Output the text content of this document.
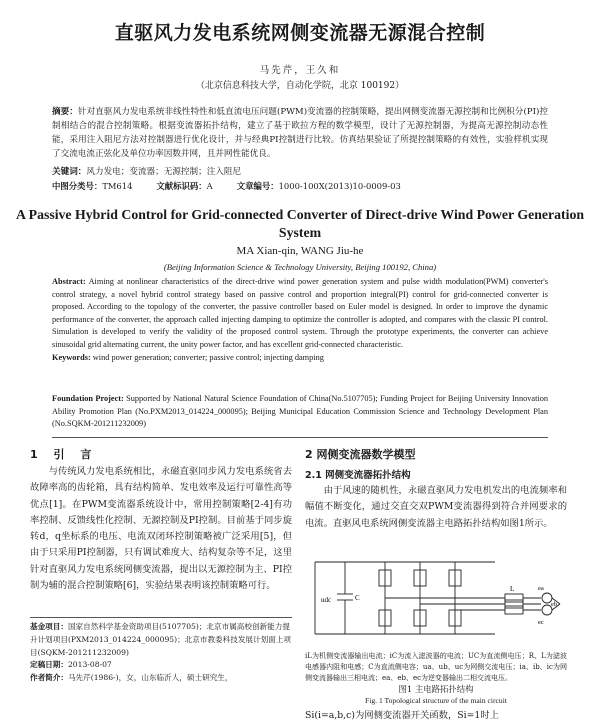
直驱风力发电系统网侧变流器无源混合控制
马先芹，王久和
（北京信息科技大学，自动化学院，北京 100192）
摘要：针对直驱风力发电系统非线性特性和低直流电压问题(PWM)变流器的控制策略，提出网侧变流器无源控制和比例积分(PI)控制相结合的混合控制策略。根据变流器拓扑结构，建立了基于欧拉方程的数学模型，设计了无源控制器，为提高无源控制动态性能，采用注入阻尼方法对控制器进行优化设计，并与经典PI控制进行比较。仿真结果验证了所提控制策略的有效性，实验样机实现了交流电流正弦化及单位功率因数并网，且并网性能优良。
关键词：风力发电；变流器；无源控制；注入阻尼
中图分类号：TM614	文献标识码：A	文章编号：1000-100X(2013)10-0009-03
A Passive Hybrid Control for Grid-connected Converter of Direct-drive Wind Power Generation System
MA Xian-qin, WANG Jiu-he
(Beijing Information Science & Technology University, Beijing 100192, China)
Abstract: Aiming at nonlinear characteristics of the direct-drive wind power generation system and pulse width modulation(PWM) converter's control strategy, a novel hybrid control strategy based on passive control and proportion integral(PI) control for grid-connected converter is proposed. According to the topology of the converter, the passive controller based on Euler model is designed. In order to improve the dynamic performance of the converter, the approach called injecting damping to optimize the controller is adopted, and compares with the classic PI control. Simulation is developed to verify the validity of the proposed control system. Through the prototype experiments, the converter can achieve sinusoidal grid alternating current, the unity power factor, and has excellent grid-connected characteristic.
Keywords: wind power generation; converter; passive control; injecting damping
Foundation Project: Supported by National Natural Science Foundation of China(No.5107705); Funding Project for Beijing University Innovation Ability Promotion Plan (No.PXM2013_014224_000095); Beijing Municipal Education Commission Science and Technology Development Plan (No.SQKM-201211232009)
1 引 言

与传统风力发电系统相比，永磁直驱同步风力发电系统省去故障率高的齿轮箱，具有结构简单、发电效率及运行可靠性高等优点[1]。在PWM变流器系统设计中，常用控制策略[2-4]有功率控制、反馈线性化控制、无源控制及PI控制。目前基于同步旋转d，q坐标系的电压、电流双闭环控制策略被广泛采用[5]，但由于只采用PI控制器，只有调试难度大、结构复杂等不足，这里针对直驱风力发电系统网侧变流器，提出以无源控制为主、PI控制为辅的混合控制策略[6]，实验结果表明该控制策略可行。

基金项目：国家自然科学基金资助项目(5107705)；北京市属高校创新能力提升计划项目(PXM2013_014224_000095)；北京市教委科技发展计划面上项目(SQKM-201211232009)
定稿日期：2013-08-07
作者简介：马先芹(1986-)，女，山东临沂人，硕士研究生，
2 网侧变流器数学模型
2.1 网侧变流器拓扑结构

由于风速的随机性，永磁直驱风力发电机发出的电流频率和幅值不断变化，通过交直交双PWM变流器得到符合并网要求的电流。直驱风电系统网侧变流器主电路拓扑结构如图1所示。

udc	C
L	ea
eb
ec
iL为机侧变流器输出电流；iC为流入滤波器的电流；UC为直流侧电压；R、L为滤波电感器内阻和电感；C为直流侧电容；ua、ub、uc为网侧交流电压；ia、ib、ic为网侧变流器输出三相电流；ea、eb、ec为逆变器输出二相交流电压。
图1 主电路拓扑结构
Fig. 1 Topological structure of the main circuit
Si(i=a,b,c)为网侧变流器开关函数，Si=1时上
